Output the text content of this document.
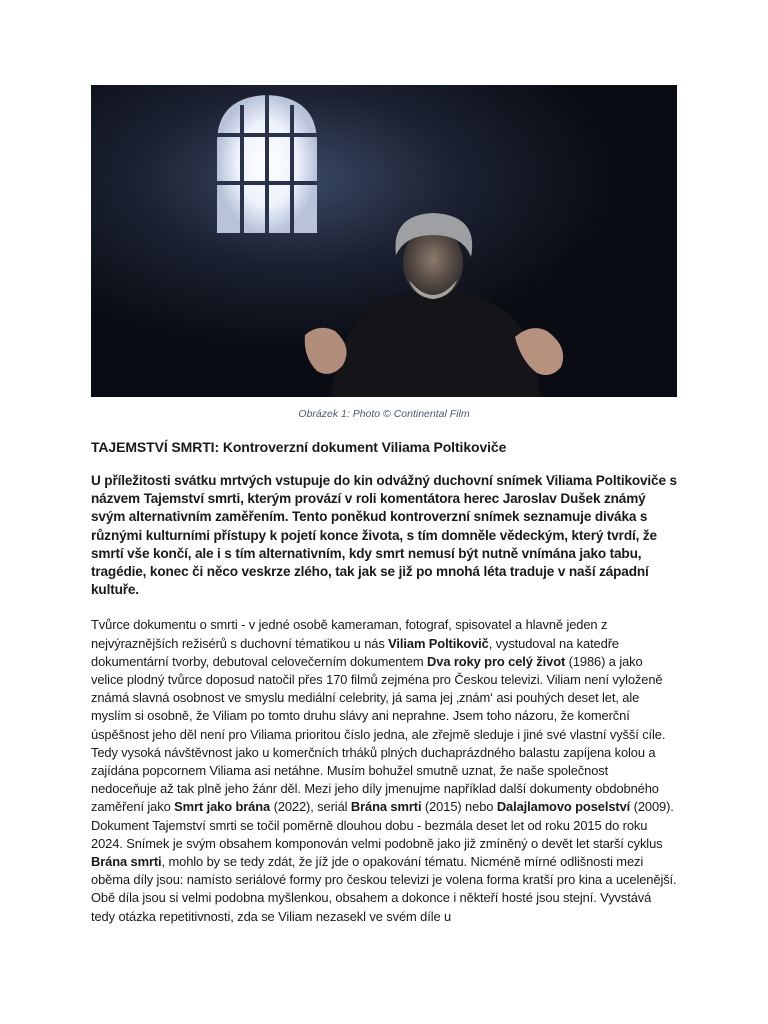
Obrázek 1: Photo © Continental Film
TAJEMSTVÍ SMRTI: Kontroverzní dokument Viliama Poltikoviče
U příležitosti svátku mrtvých vstupuje do kin odvážný duchovní snímek Viliama Poltikoviče s názvem Tajemství smrti, kterým provází v roli komentátora herec Jaroslav Dušek známý svým alternativním zaměřením. Tento poněkud kontroverzní snímek seznamuje diváka s různými kulturními přístupy k pojetí konce života, s tím domněle vědeckým, který tvrdí, že smrtí vše končí, ale i s tím alternativním, kdy smrt nemusí být nutně vnímána jako tabu, tragédie, konec či něco veskrze zlého, tak jak se již po mnohá léta traduje v naší západní kultuře.
Tvůrce dokumentu o smrti - v jedné osobě kameraman, fotograf, spisovatel a hlavně jeden z nejvýraznějších režisérů s duchovní tématikou u nás Viliam Poltikovič, vystudoval na katedře dokumentární tvorby, debutoval celovečerním dokumentem Dva roky pro celý život (1986) a jako velice plodný tvůrce doposud natočil přes 170 filmů zejména pro Českou televizi. Viliam není vyloženě známá slavná osobnost ve smyslu mediální celebrity, já sama jej ‚znám‘ asi pouhých deset let, ale myslím si osobně, že Viliam po tomto druhu slávy ani neprahne. Jsem toho názoru, že komerční úspěšnost jeho děl není pro Viliama prioritou číslo jedna, ale zřejmě sleduje i jiné své vlastní vyšší cíle. Tedy vysoká návštěvnost jako u komerčních trháků plných duchaprázdného balastu zapíjena kolou a zajídána popcornem Viliama asi netáhne. Musím bohužel smutně uznat, že naše společnost nedoceňuje až tak plně jeho žánr děl. Mezi jeho díly jmenujme například další dokumenty obdobného zaměření jako Smrt jako brána (2022), seriál Brána smrti (2015) nebo Dalajlamovo poselství (2009). Dokument Tajemství smrti se točil poměrně dlouhou dobu - bezmála deset let od roku 2015 do roku 2024. Snímek je svým obsahem komponován velmi podobně jako již zmíněný o devět let starší cyklus Brána smrti, mohlo by se tedy zdát, že jíž jde o opakování tématu. Nicméně mírné odlišnosti mezi oběma díly jsou: namísto seriálové formy pro českou televizi je volena forma kratší pro kina a ucelenější. Obě díla jsou si velmi podobna myšlenkou, obsahem a dokonce i někteří hosté jsou stejní. Vyvstává tedy otázka repetitivnosti, zda se Viliam nezasekl ve svém díle u
